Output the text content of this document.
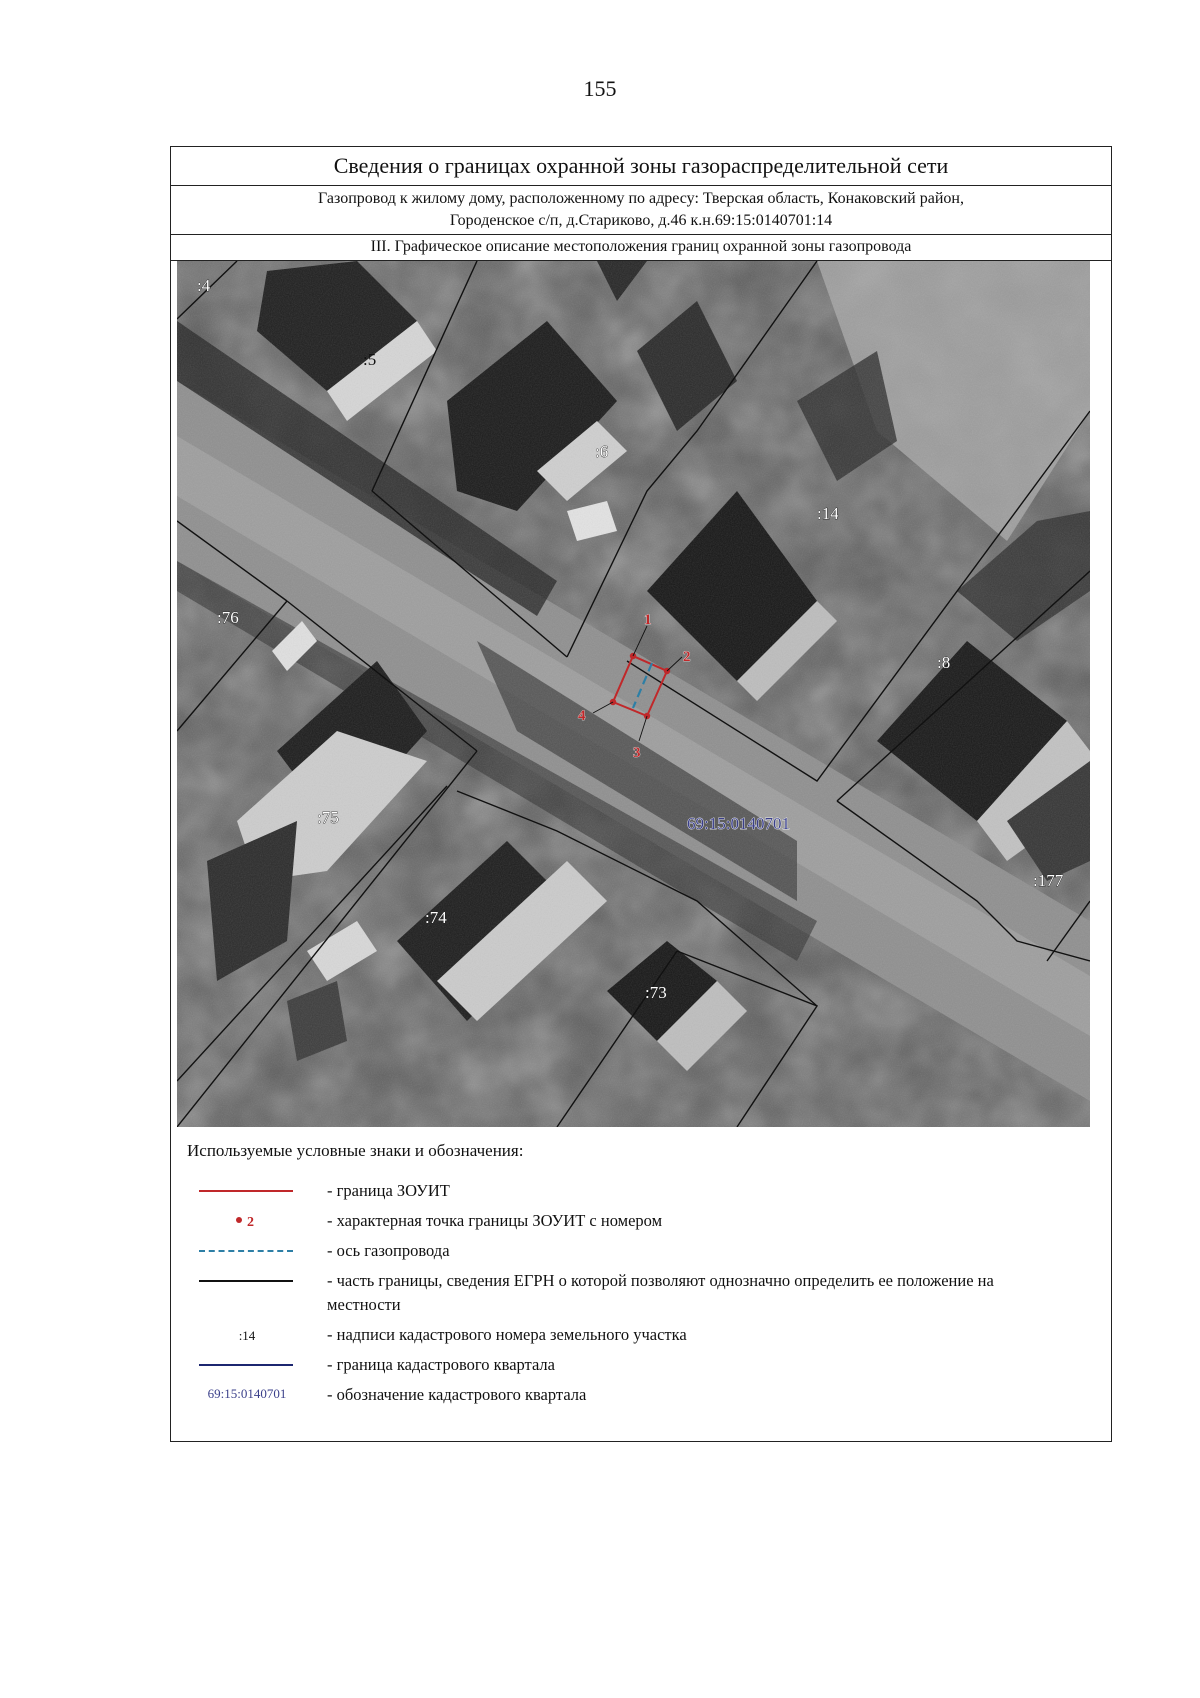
155
Сведения о границах охранной зоны газораспределительной сети
Газопровод к жилому дому, расположенному по адресу: Тверская область, Конаковский район,
Городенское с/п, д.Стариково, д.46 к.н.69:15:0140701:14
III. Графическое описание местоположения границ охранной зоны газопровода
1
2
3
4
:4
:5
:6
:14
:76
:8
:75
:74
:73
:177
69:15:0140701
Используемые условные знаки и обозначения:
- граница ЗОУИТ
2	- характерная точка границы ЗОУИТ с номером
- ось газопровода
- часть границы, сведения ЕГРН о которой позволяют однозначно определить ее положение на местности
:14	- надписи кадастрового номера земельного участка
- граница кадастрового квартала
69:15:0140701	- обозначение кадастрового квартала
